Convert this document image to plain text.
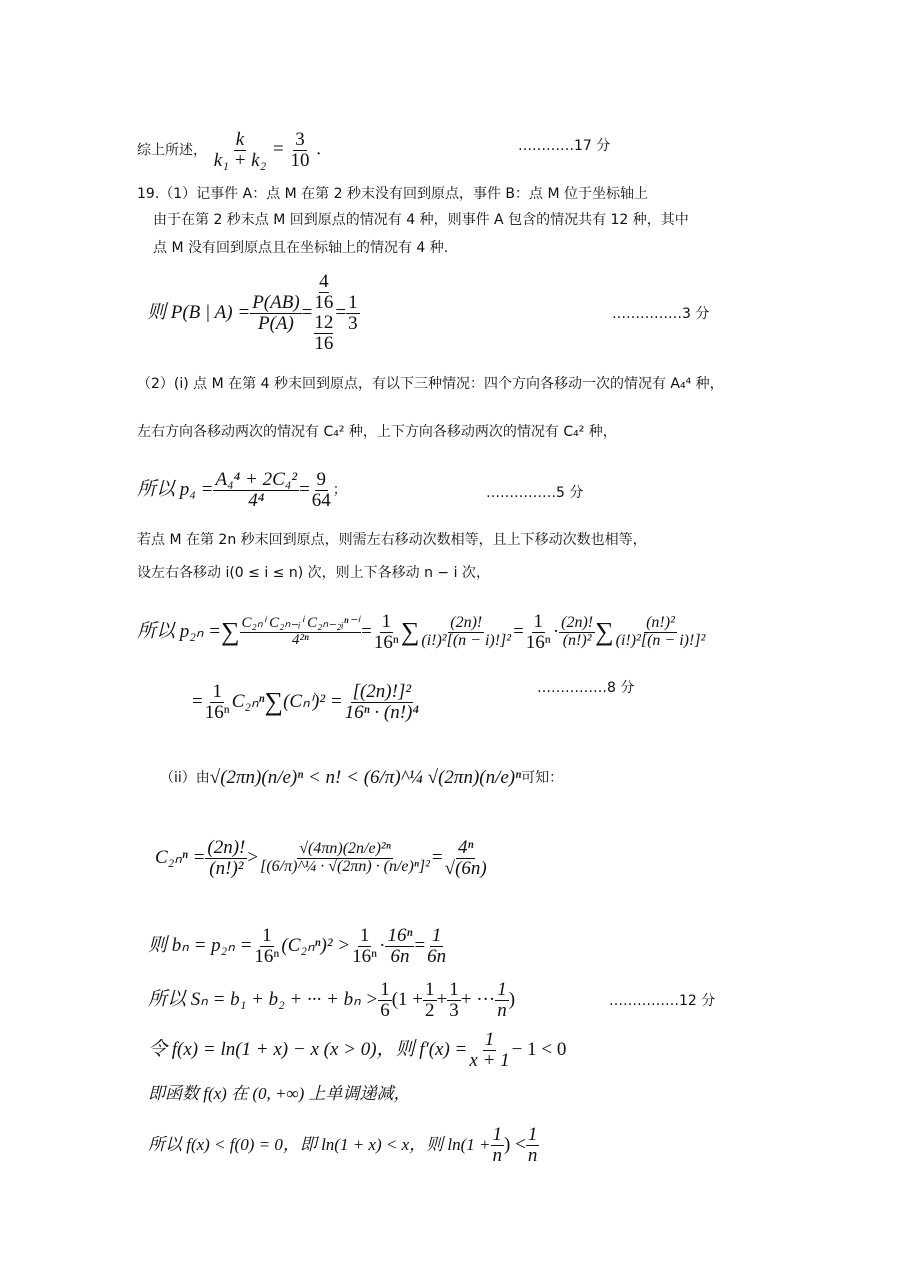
综上所述， $\frac{k}{\text{k₁ + k₂}} = \frac{3}{10}$ .	…………17 分
19.（1）记事件 A：点 M 在第 2 秒末没有回到原点，事件 B：点 M 位于坐标轴上
由于在第 2 秒末点 M 回到原点的情况有 4 种，则事件 A 包含的情况共有 12 种，其中
点 M 没有回到原点且在坐标轴上的情况有 4 种.
则 P(B | $A) = \frac{P(AB)}{P(A)}$ =
4
16
12
16
= $\frac{1}{3}$	……………3 分
（2）(i) 点 M 在第 4 秒末回到原点，有以下三种情况：四个方向各移动一次的情况有 A₄⁴ 种，
左右方向各移动两次的情况有 C₄² 种，上下方向各移动两次的情况有 C₄² 种，
所以 $p_4 = \frac{\text{A₄⁴ + 2C₄²}}{\text{4⁴}} = \frac{9}{64}$ ；	……………5 分
若点 M 在第 2n 秒末回到原点，则需左右移动次数相等，且上下移动次数也相等，
设左右各移动 i(0 ≤ i ≤ n) 次，则上下各移动 n − i 次，
所以 p₂ₙ = ∑ $\frac{\text{C₂ₙⁱ C₂ₙ₋ᵢⁱ C₂ₙ₋₂ᵢⁿ⁻ⁱ}}{\text{4²ⁿ}} = \frac{1}{\text{16ⁿ}}$ ∑ $\frac{(2n)!}{\text{(i!)²[(n − i)!]²}} = \frac{1}{\text{16ⁿ}} \cdot (2n)$!
(n!)² ∑ (n!)²
(i!)²[(n − i)!]²
= $\frac{1}{\text{16ⁿ}} C_{2n}^n$ ∑ $(C_n^i)^2 = \frac{\text{[(2n)!]²}}{\text{16ⁿ · (n!)⁴}}$	……………8 分
（ii）由 √(2πn)(n/e)ⁿ < n! < (6/π)^¼ √(2πn)(n/e)ⁿ 可知：
$C_{2n}^n = \frac{(2n)!}{\text{(n!)²}} > \frac{\text{√(4πn)(2n/e)²ⁿ}}{\text{[(6/π)\textasciicircum{}¼ · √(2πn) · (n/e)ⁿ]²}} = \frac{\text{4ⁿ}}{√(6n)}$
则 $b_n = p_{2n} = \frac{1}{\text{16ⁿ}} (C_{2n}^n)^2 > 1$
$16^n \cdot \frac{\text{16ⁿ}}{6n} = \frac{1}{6n}$
所以 Sₙ = b₁ + b₂ + ··· + bₙ > 1
6 ($1 + \frac{1}{2} + \frac{1}{3}$ + ··· 1
n )	……………12 分
令 f(x) = ln(1 + x) − x (x > 0)，则 $f'(x) = \frac{1}{x + 1} - 1 < 0$
即函数 f(x) 在 (0, +∞) 上单调递减，
所以 f(x) < f(0) = 0，即 ln(1 + x) < x，则 $\ln(1 + \frac{1}{n}$ ) < 1
n
